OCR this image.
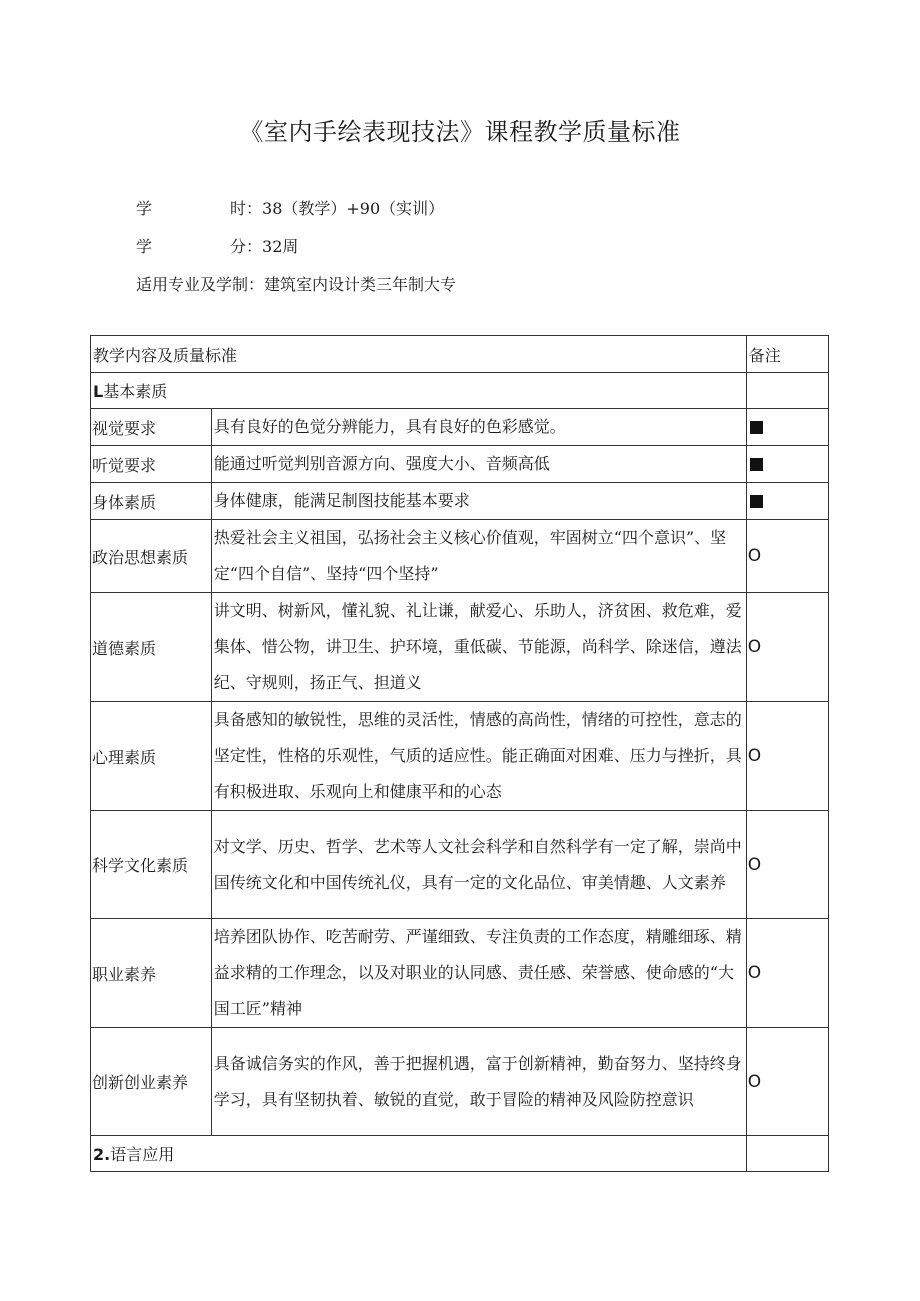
《室内手绘表现技法》课程教学质量标准
学	时：38（教学）+90（实训）
学	分：32周
适用专业及学制：建筑室内设计类三年制大专
教学内容及质量标准		备注
L基本素质		
视觉要求	具有良好的色觉分辨能力，具有良好的色彩感觉。	
听觉要求	能通过听觉判别音源方向、强度大小、音频高低	
身体素质	身体健康，能满足制图技能基本要求	
政治思想素质	热爱社会主义祖国，弘扬社会主义核心价值观，牢固树立“四个意识”、坚定“四个自信”、坚持“四个坚持”	O
道德素质	讲文明、树新风，懂礼貌、礼让谦，献爱心、乐助人，济贫困、救危难，爱集体、惜公物，讲卫生、护环境，重低碳、节能源，尚科学、除迷信，遵法纪、守规则，扬正气、担道义	O
心理素质	具备感知的敏锐性，思维的灵活性，情感的高尚性，情绪的可控性，意志的坚定性，性格的乐观性，气质的适应性。能正确面对困难、压力与挫折，具有积极进取、乐观向上和健康平和的心态	O
科学文化素质	对文学、历史、哲学、艺术等人文社会科学和自然科学有一定了解，崇尚中国传统文化和中国传统礼仪，具有一定的文化品位、审美情趣、人文素养	O
职业素养	培养团队协作、吃苦耐劳、严谨细致、专注负责的工作态度，精雕细琢、精益求精的工作理念，以及对职业的认同感、责任感、荣誉感、使命感的“大国工匠”精神	O
创新创业素养	具备诚信务实的作风，善于把握机遇，富于创新精神，勤奋努力、坚持终身学习，具有坚韧执着、敏锐的直觉，敢于冒险的精神及风险防控意识	O
2.语言应用		
